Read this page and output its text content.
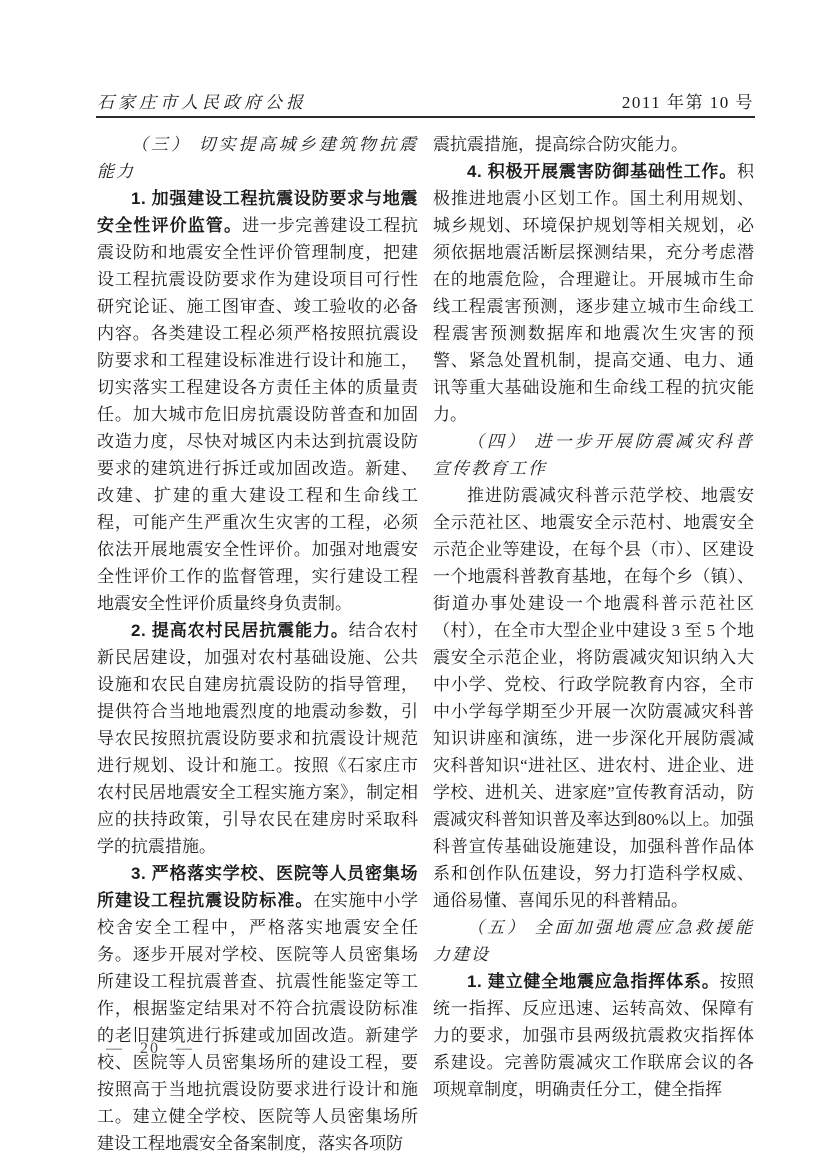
石家庄市人民政府公报	2011 年第 10 号

（三） 切实提高城乡建筑物抗震能力

1. 加强建设工程抗震设防要求与地震安全性评价监管。进一步完善建设工程抗震设防和地震安全性评价管理制度，把建设工程抗震设防要求作为建设项目可行性研究论证、施工图审查、竣工验收的必备内容。各类建设工程必须严格按照抗震设防要求和工程建设标准进行设计和施工，切实落实工程建设各方责任主体的质量责任。加大城市危旧房抗震设防普查和加固改造力度，尽快对城区内未达到抗震设防要求的建筑进行拆迁或加固改造。新建、改建、扩建的重大建设工程和生命线工程，可能产生严重次生灾害的工程，必须依法开展地震安全性评价。加强对地震安全性评价工作的监督管理，实行建设工程地震安全性评价质量终身负责制。

2. 提高农村民居抗震能力。结合农村新民居建设，加强对农村基础设施、公共设施和农民自建房抗震设防的指导管理，提供符合当地地震烈度的地震动参数，引导农民按照抗震设防要求和抗震设计规范进行规划、设计和施工。按照《石家庄市农村民居地震安全工程实施方案》，制定相应的扶持政策，引导农民在建房时采取科学的抗震措施。

3. 严格落实学校、医院等人员密集场所建设工程抗震设防标准。在实施中小学校舍安全工程中，严格落实地震安全任务。逐步开展对学校、医院等人员密集场所建设工程抗震普查、抗震性能鉴定等工作，根据鉴定结果对不符合抗震设防标准的老旧建筑进行拆建或加固改造。新建学校、医院等人员密集场所的建设工程，要按照高于当地抗震设防要求进行设计和施工。建立健全学校、医院等人员密集场所建设工程地震安全备案制度，落实各项防

震抗震措施，提高综合防灾能力。

4. 积极开展震害防御基础性工作。积极推进地震小区划工作。国土利用规划、城乡规划、环境保护规划等相关规划，必须依据地震活断层探测结果，充分考虑潜在的地震危险，合理避让。开展城市生命线工程震害预测，逐步建立城市生命线工程震害预测数据库和地震次生灾害的预警、紧急处置机制，提高交通、电力、通讯等重大基础设施和生命线工程的抗灾能力。

（四） 进一步开展防震减灾科普宣传教育工作

推进防震减灾科普示范学校、地震安全示范社区、地震安全示范村、地震安全示范企业等建设，在每个县（市）、区建设一个地震科普教育基地，在每个乡（镇）、街道办事处建设一个地震科普示范社区（村），在全市大型企业中建设 3 至 5 个地震安全示范企业，将防震减灾知识纳入大中小学、党校、行政学院教育内容，全市中小学每学期至少开展一次防震减灾科普知识讲座和演练，进一步深化开展防震减灾科普知识“进社区、进农村、进企业、进学校、进机关、进家庭”宣传教育活动，防震减灾科普知识普及率达到80%以上。加强科普宣传基础设施建设，加强科普作品体系和创作队伍建设，努力打造科学权威、通俗易懂、喜闻乐见的科普精品。

（五） 全面加强地震应急救援能力建设

1. 建立健全地震应急指挥体系。按照统一指挥、反应迅速、运转高效、保障有力的要求，加强市县两级抗震救灾指挥体系建设。完善防震减灾工作联席会议的各项规章制度，明确责任分工，健全指挥

— 20 —
